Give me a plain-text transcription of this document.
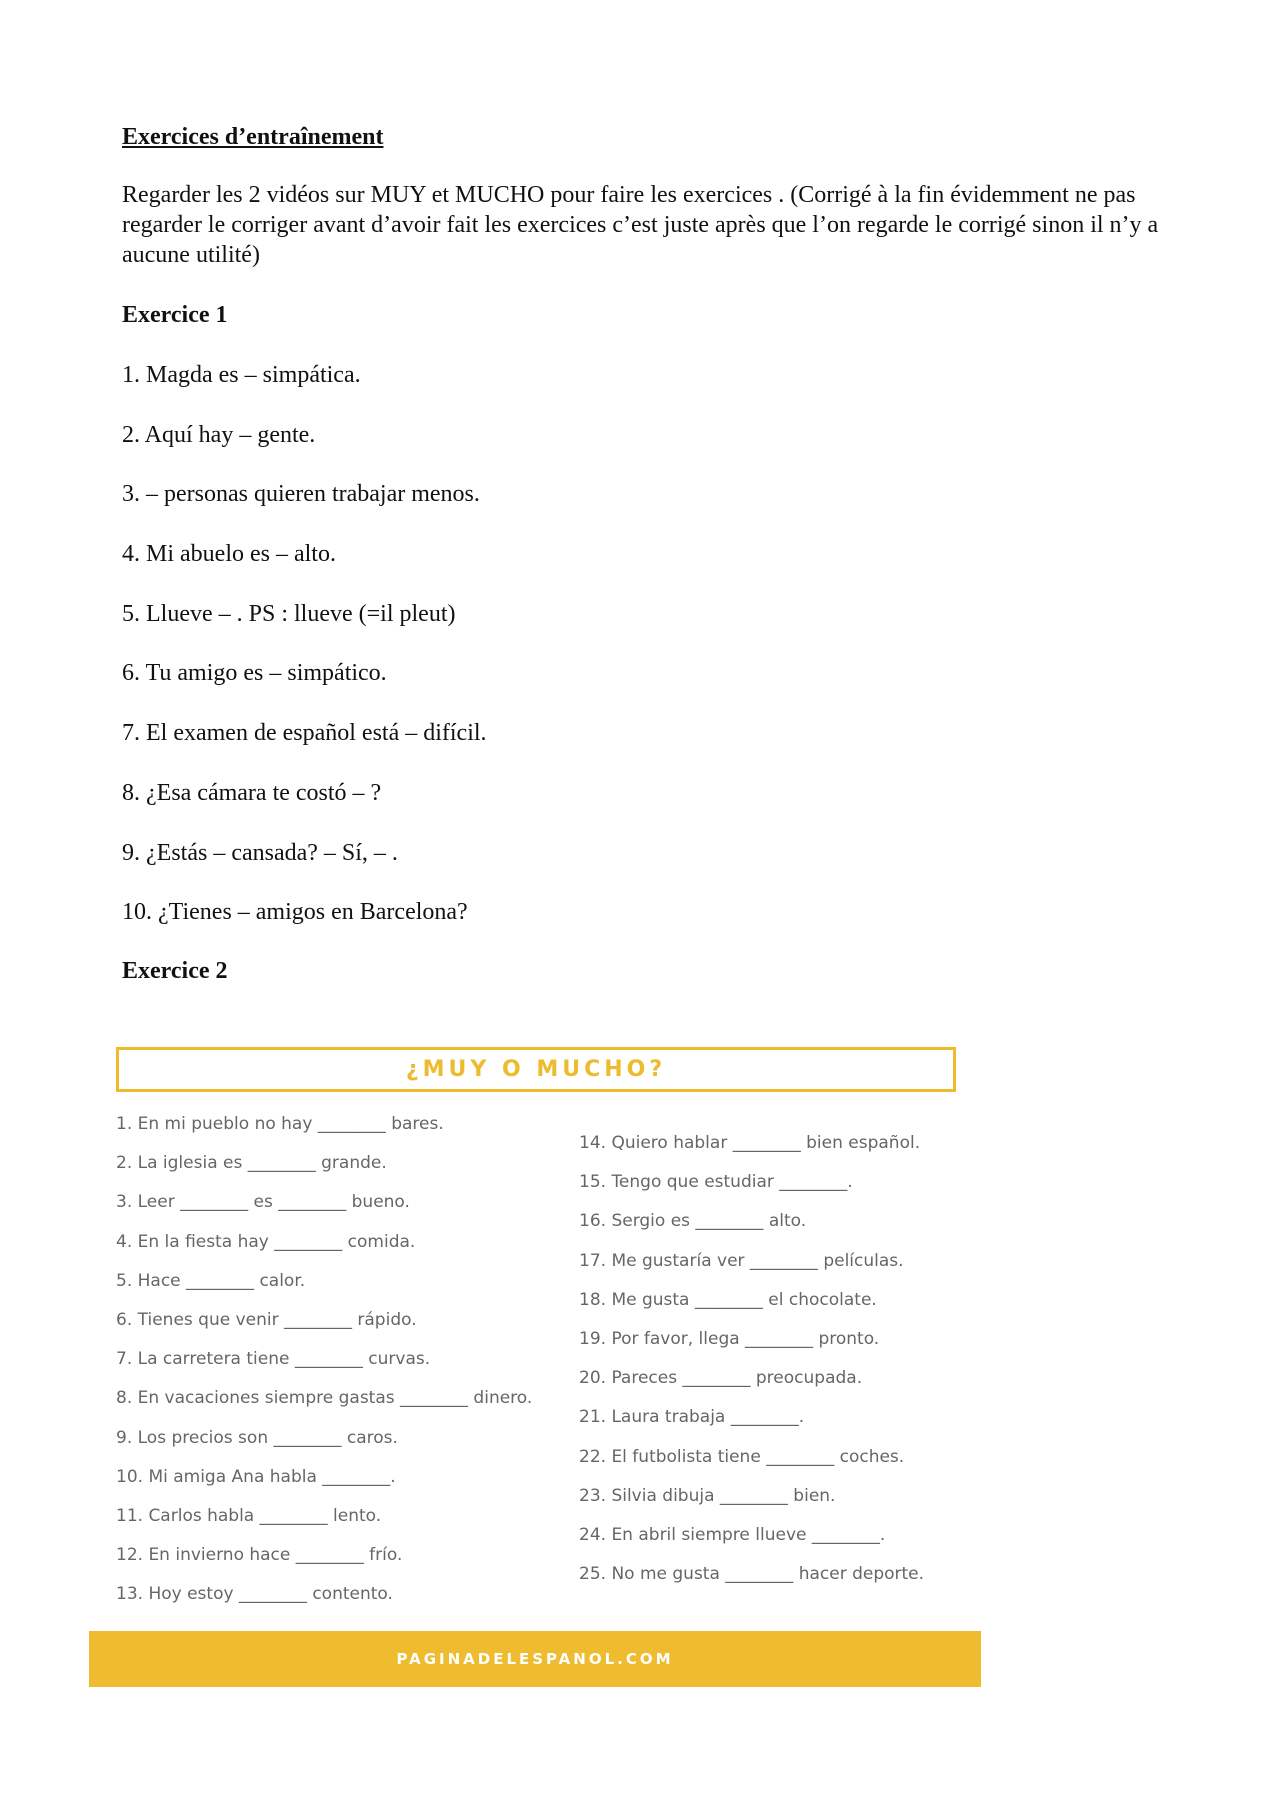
Exercices d’entraînement

Regarder les 2 vidéos sur MUY et MUCHO pour faire les exercices . (Corrigé à la fin évidemment ne pas regarder le corriger avant d’avoir fait les exercices c’est juste après que l’on regarde le corrigé sinon il n’y a aucune utilité)

Exercice 1
1. Magda es – simpática.
2. Aquí hay – gente.
3. – personas quieren trabajar menos.
4. Mi abuelo es – alto.
5. Llueve – . PS : llueve (=il pleut)
6. Tu amigo es – simpático.
7. El examen de español está – difícil.
8. ¿Esa cámara te costó – ?
9. ¿Estás – cansada? – Sí, – .
10. ¿Tienes – amigos en Barcelona?
Exercice 2
¿MUY O MUCHO?
1. En mi pueblo no hay ________ bares.
2. La iglesia es ________ grande.
3. Leer ________ es ________ bueno.
4. En la fiesta hay ________ comida.
5. Hace ________ calor.
6. Tienes que venir ________ rápido.
7. La carretera tiene ________ curvas.
8. En vacaciones siempre gastas ________ dinero.
9. Los precios son ________ caros.
10. Mi amiga Ana habla ________.
11. Carlos habla ________ lento.
12. En invierno hace ________ frío.
13. Hoy estoy ________ contento.
14. Quiero hablar ________ bien español.
15. Tengo que estudiar ________.
16. Sergio es ________ alto.
17. Me gustaría ver ________ películas.
18. Me gusta ________ el chocolate.
19. Por favor, llega ________ pronto.
20. Pareces ________ preocupada.
21. Laura trabaja ________.
22. El futbolista tiene ________ coches.
23. Silvia dibuja ________ bien.
24. En abril siempre llueve ________.
25. No me gusta ________ hacer deporte.
PAGINADELESPANOL.COM
